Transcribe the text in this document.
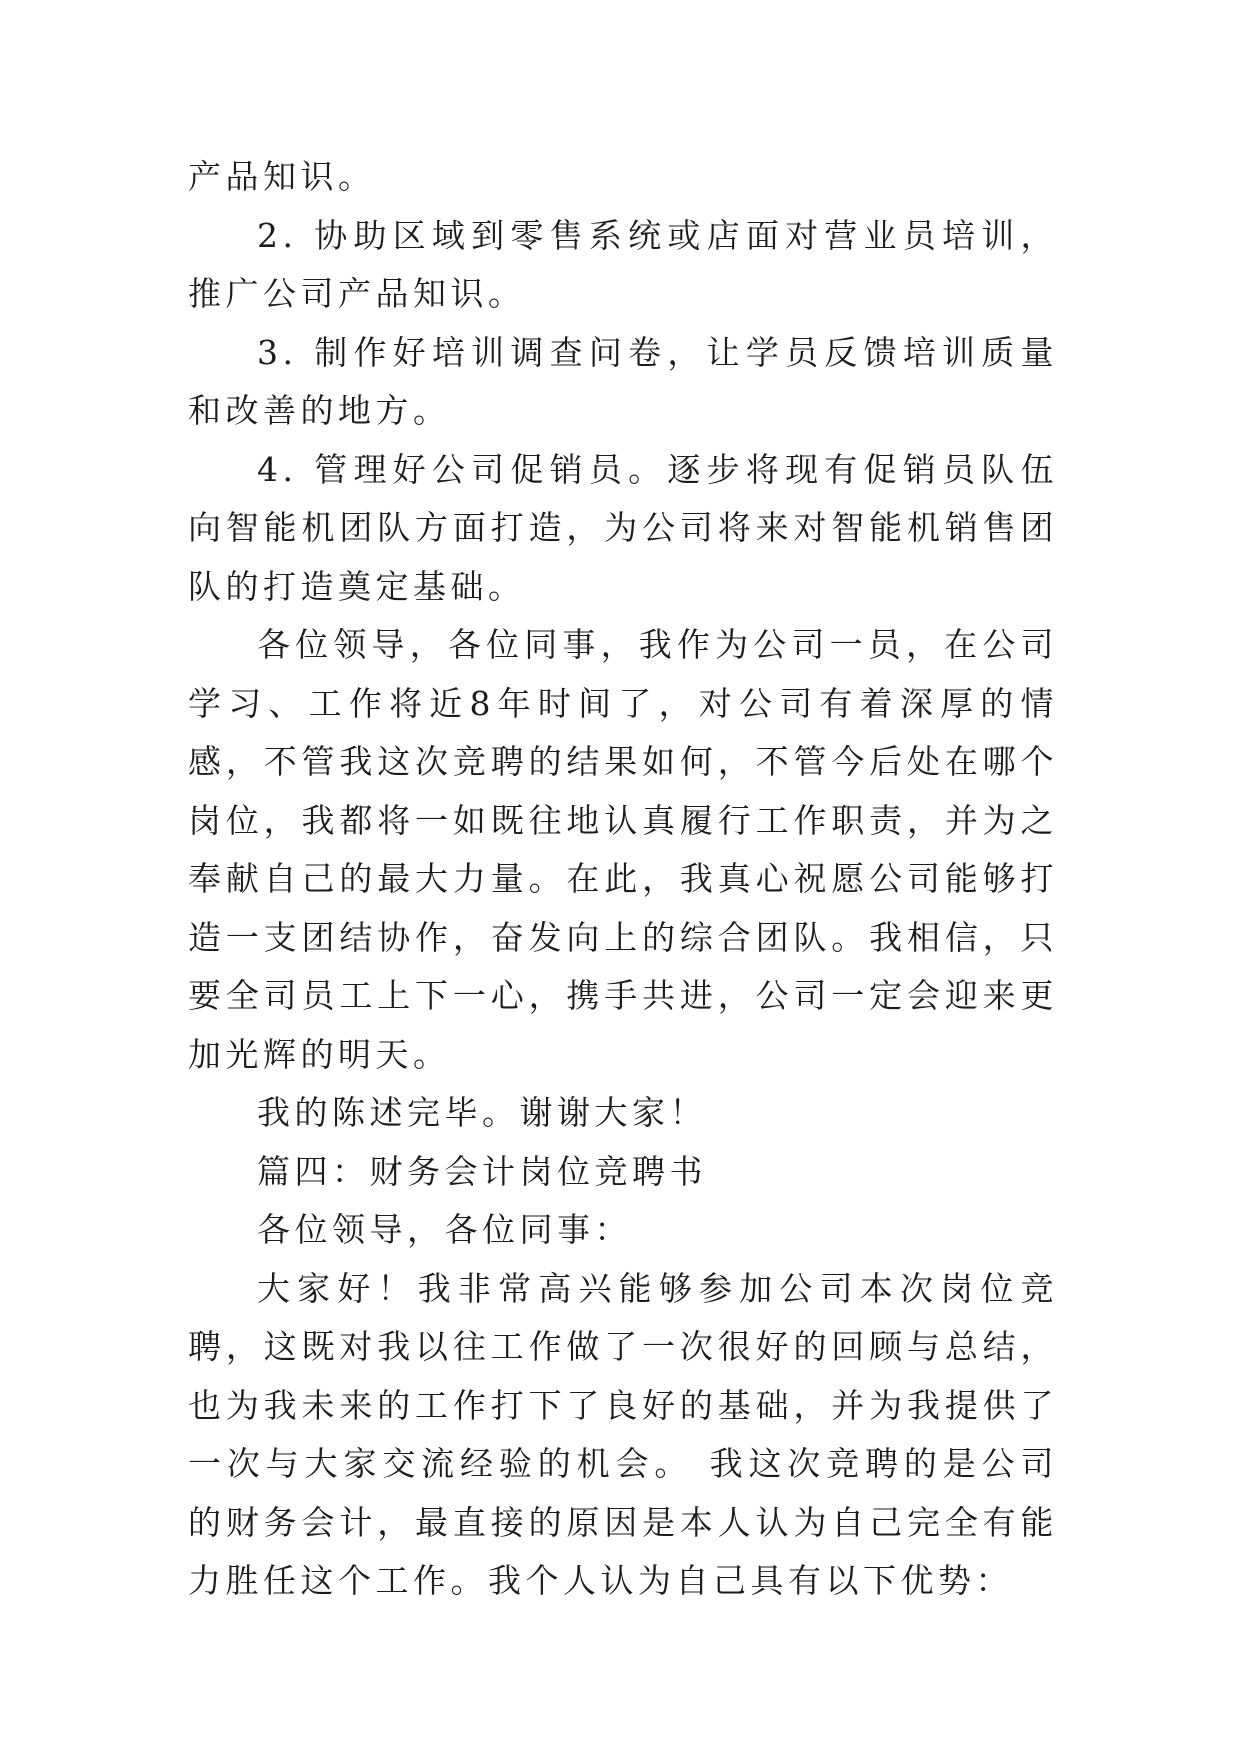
产品知识。

2. 协助区域到零售系统或店面对营业员培训，推广公司产品知识。

3. 制作好培训调查问卷，让学员反馈培训质量和改善的地方。

4. 管理好公司促销员。逐步将现有促销员队伍向智能机团队方面打造，为公司将来对智能机销售团队的打造奠定基础。

各位领导，各位同事，我作为公司一员，在公司学习、工作将近8年时间了，对公司有着深厚的情感，不管我这次竞聘的结果如何，不管今后处在哪个岗位，我都将一如既往地认真履行工作职责，并为之奉献自己的最大力量。在此，我真心祝愿公司能够打造一支团结协作，奋发向上的综合团队。我相信，只要全司员工上下一心，携手共进，公司一定会迎来更加光辉的明天。

我的陈述完毕。谢谢大家！

篇四：财务会计岗位竞聘书

各位领导，各位同事：

大家好！我非常高兴能够参加公司本次岗位竞聘，这既对我以往工作做了一次很好的回顾与总结，也为我未来的工作打下了良好的基础，并为我提供了一次与大家交流经验的机会。 我这次竞聘的是公司的财务会计，最直接的原因是本人认为自己完全有能力胜任这个工作。我个人认为自己具有以下优势：
